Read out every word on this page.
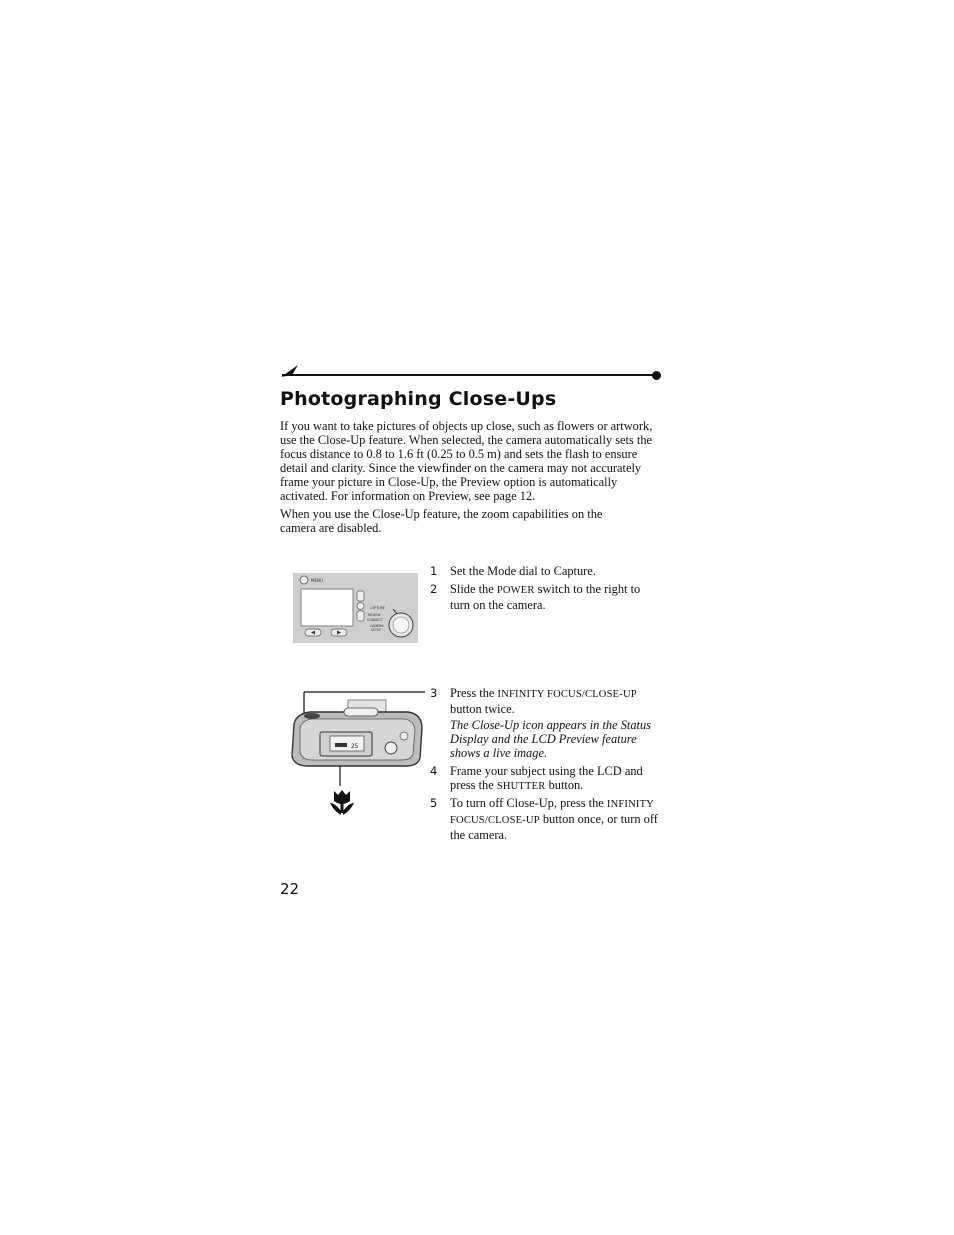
Photographing Close-Ups

If you want to take pictures of objects up close, such as flowers or artwork, use the Close-Up feature. When selected, the camera automatically sets the focus distance to 0.8 to 1.6 ft (0.25 to 0.5 m) and sets the flash to ensure detail and clarity. Since the viewfinder on the camera may not accurately frame your picture in Close-Up, the Preview option is automatically activated. For information on Preview, see page 12.

When you use the Close-Up feature, the zoom capabilities on the camera are disabled.

MENU
CAPTURE
REVIEW
CONNECT
CAMERA
SETUP
25
1 Set the Mode dial to Capture.
2 Slide the POWER switch to the right to turn on the camera.
3 Press the INFINITY FOCUS/CLOSE-UP button twice.
The Close-Up icon appears in the Status Display and the LCD Preview feature shows a live image.
4 Frame your subject using the LCD and press the SHUTTER button.
5 To turn off Close-Up, press the INFINITY FOCUS/CLOSE-UP button once, or turn off the camera.
22
